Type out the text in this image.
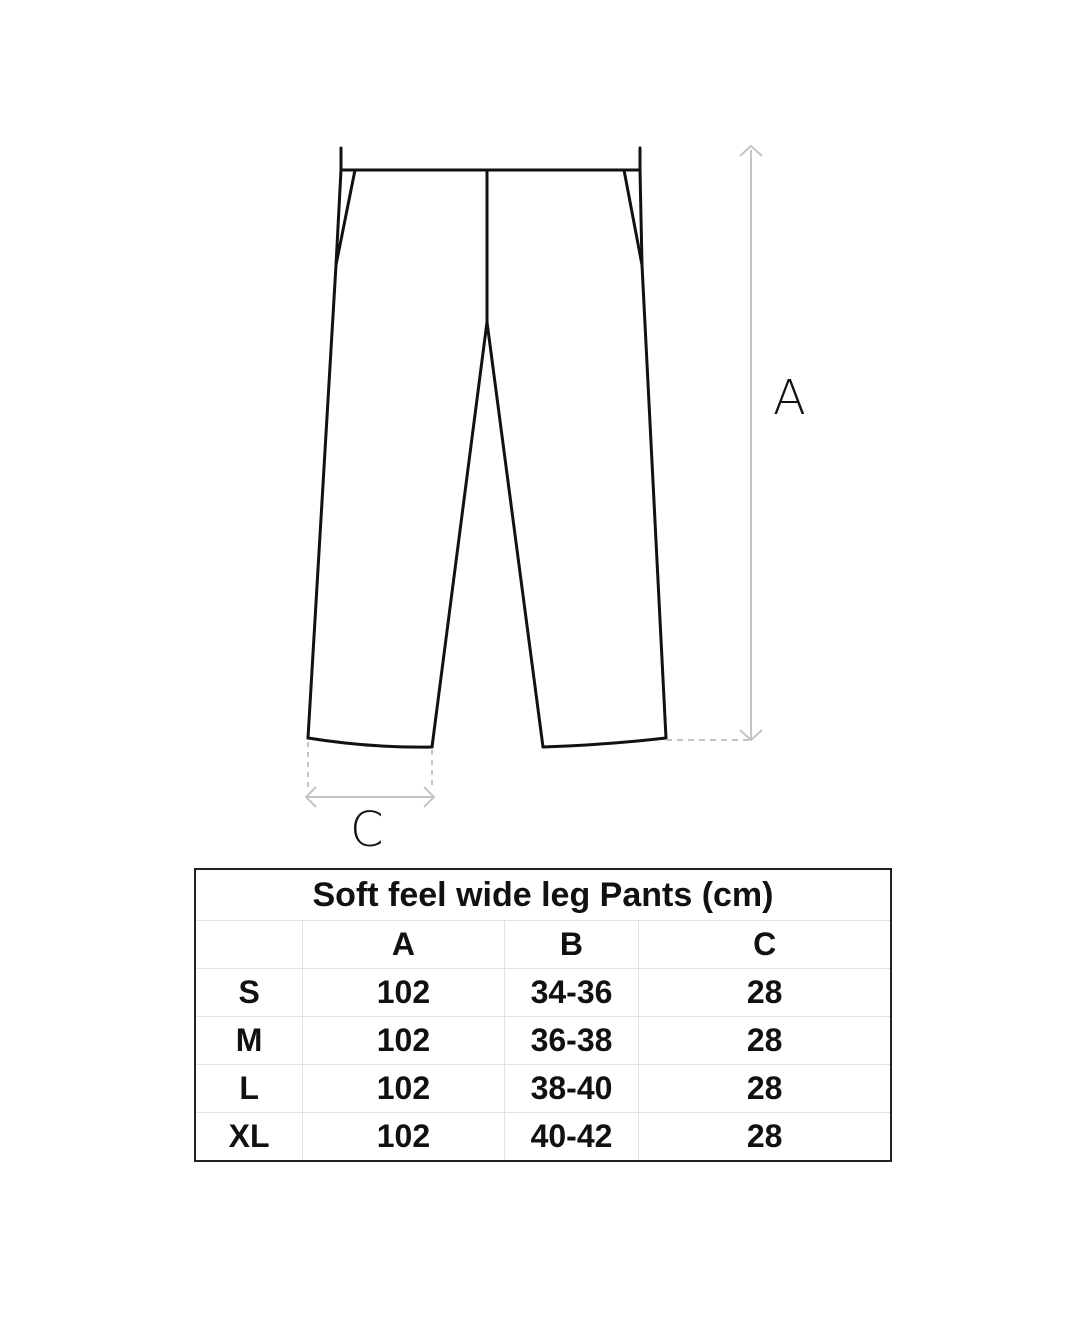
A
C
Soft feel wide leg Pants (cm)			
	A	B	C
S	102	34-36	28
M	102	36-38	28
L	102	38-40	28
XL	102	40-42	28
